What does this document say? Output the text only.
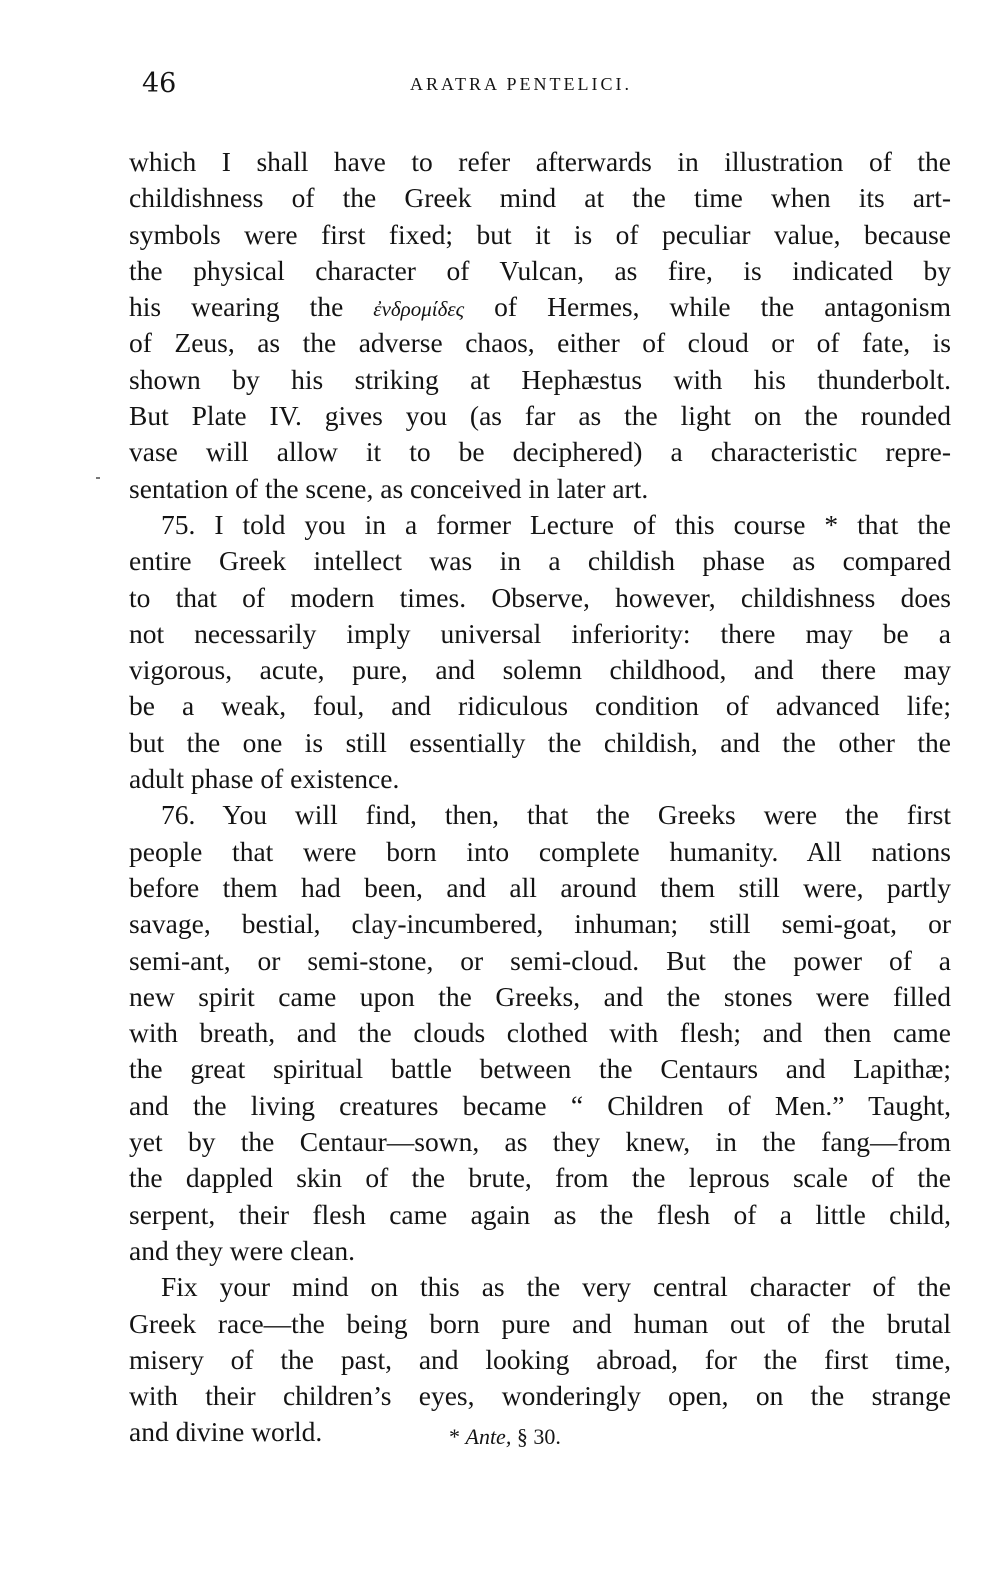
46	ARATRA PENTELICI.
which I shall have to refer afterwards in illustration of the
childishness of the Greek mind at the time when its art-
symbols were first fixed; but it is of peculiar value, because
the physical character of Vulcan, as fire, is indicated by
his wearing the ἐνδρομίδες of Hermes, while the antagonism
of Zeus, as the adverse chaos, either of cloud or of fate, is
shown by his striking at Hephæstus with his thunderbolt.
But Plate IV. gives you (as far as the light on the rounded
vase will allow it to be deciphered) a characteristic repre-
sentation of the scene, as conceived in later art.
75. I told you in a former Lecture of this course * that the
entire Greek intellect was in a childish phase as compared
to that of modern times. Observe, however, childishness does
not necessarily imply universal inferiority: there may be a
vigorous, acute, pure, and solemn childhood, and there may
be a weak, foul, and ridiculous condition of advanced life;
but the one is still essentially the childish, and the other the
adult phase of existence.
76. You will find, then, that the Greeks were the first
people that were born into complete humanity. All nations
before them had been, and all around them still were, partly
savage, bestial, clay-incumbered, inhuman; still semi-goat, or
semi-ant, or semi-stone, or semi-cloud. But the power of a
new spirit came upon the Greeks, and the stones were filled
with breath, and the clouds clothed with flesh; and then came
the great spiritual battle between the Centaurs and Lapithæ;
and the living creatures became “ Children of Men.” Taught,
yet by the Centaur—sown, as they knew, in the fang—from
the dappled skin of the brute, from the leprous scale of the
serpent, their flesh came again as the flesh of a little child,
and they were clean.
Fix your mind on this as the very central character of the
Greek race—the being born pure and human out of the brutal
misery of the past, and looking abroad, for the first time,
with their children’s eyes, wonderingly open, on the strange
and divine world.	* Ante, § 30.
